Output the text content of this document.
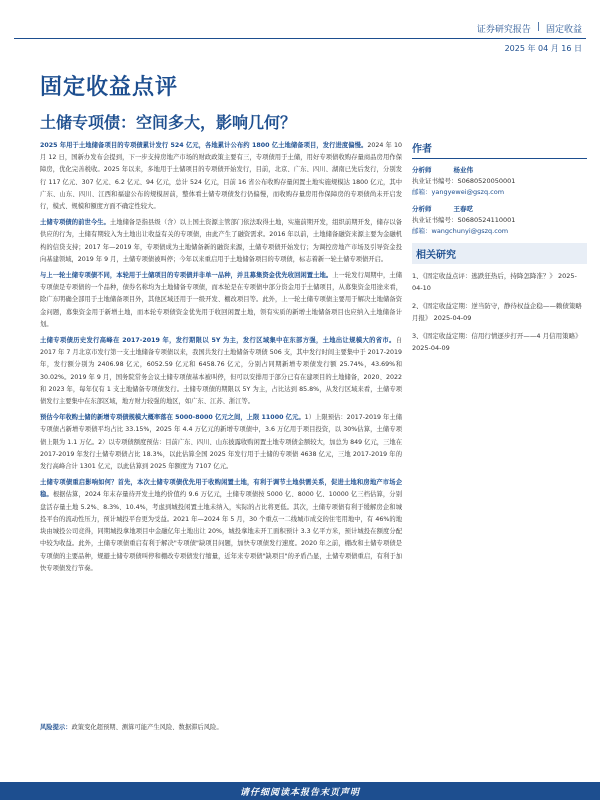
证券研究报告 | 固定收益
2025 年 04 月 16 日
固定收益点评
土储专项债：空间多大，影响几何？

2025 年用于土地储备项目的专项债累计发行 524 亿元，各地累计公布约 1800 亿土地储备项目，发行进度偏慢。2024 年 10 月 12 日，国新办发布会提到，下一步支持房地产市场的财政政策主要有三，专项债用于土储，用好专项债收购存量商品房用作保障房，优化完善税收。2025 年以来，多地用于土储项目的专项债开始发行，目前，北京、广东、四川、湖南已先后发行，分别发行 117 亿元、307 亿元、6.2 亿元、94 亿元，总计 524 亿元，目前 16 省公布收购存量闲置土地实施规模达 1800 亿元，其中广东、山东、四川、江西和福建公布的规模居前，整体看土储专项债发行仍偏慢，而收购存量房用作保障房的专项债尚未开启发行，模式、规模和額度方面不确定性较大。

土储专项债的前世今生。土地储备是指县级（含）以上国土资源主管部门依法取得土地，实施前期开发，组织前期开发，储存以备供应的行为，土储有期较入为土地出让收益有关的专项债，由此产生了融资需求。2016 年以前，土地储备融资来源主要为金融机构的信贷支持；2017 年—2019 年，专项债成为土地储备新的融资来源，土储专项债开始发行；为调控房地产市场及引导资金投向基建领域，2019 年 9 月，土储专项债被叫停；今年以来重启用于土地储备项目的专项债，标志着新一轮土储专项债开启。

与上一轮土储专项债不同，本轮用于土储项目的专项债并非单一品种，并且募集资金优先收回闲置土地。上一轮发行周期中，土储专项债是专项债的一个品种，债券名称均为土地储备专项债，而本轮是在专项债中部分资金用于土储项目，从募集资金用途来看，除广东明确全部用于土地储备项目外，其他区域还用于一级开发、棚改项目等。此外，上一轮土储专项债主要用于解决土地储备资金问题，募集资金用于新增土地，而本轮专项债资金优先用于收回闲置土地，领有实质的新增土地储备项目也应纳入土地储备计划。

土储专项债历史发行高峰在 2017-2019 年，发行期限以 5Y 为主，发行区域集中在东部方强，土地出让规模大的省市。自 2017 年 7 月北京市发行第一支土地储备专项债以来，我国共发行土地储备专项债 506 支，其中发行时间主要集中于 2017-2019 年，发行额分别为 2406.98 亿元，6052.59 亿元和 6458.76 亿元，分别占同期新增专项债发行额 25.74%，43.69%和 30.02%。2019 年 9 月，国务院常务会议土储专项债基本被叫停，但可以安排用于部分已有在建项目的土地储备，2020、2022 和 2023 年，每年仅有 1 支土地储备专项债发行。土储专项债的期限以 5Y 为主，占比达到 85.8%，从发行区域来看，土储专项债发行主要集中在东部区域，地方财力较强的地区，如广东、江苏、浙江等。

预估今年收购土储的新增专项债规模大概率落在 5000-8000 亿元之间，上限 11000 亿元。1）上限预估：2017-2019 年土储专项债占新增专项债平均占比 33.15%，2025 年 4.4 万亿元的新增专项债中，3.6 万亿用于项目投资，以 30%估算，土储专项债上限为 1.1 万亿。2）以专项债额度预估：目前广东、四川、山东披露收购闲置土地专项债金额较大，加总为 849 亿元，三地在 2017-2019 年发行土储专项债占比 18.3%，以此估算全国 2025 年发行用于土储的专项债 4638 亿元，三地 2017-2019 年的发行高峰合计 1301 亿元，以此估算到 2025 年额度为 7107 亿元。

土储专项债重启影响如何？首先，本次土储专项债优先用于收购闲置土地，有利于调节土地供需关系，促进土地和房地产市场企稳。根据估算，2024 年末存量待开发土地约价值约 9.6 万亿元，土储专项债按 5000 亿、8000 亿、10000 亿三档估算，分别盘活存量土地 5.2%、8.3%、10.4%，考虑到城投闲置土地未纳入，实际的占比将更低。其次，土储专项债有利于缓解房企和城投平台的流动性压力，预计城投平台更为受益。2021 年—2024 年 5 月，30 个重点一二线城市成交的住宅用地中，有 46%的地块由城投公司竞得，同期城投拿地项目中金融亿年土地出让 20%，城投拿地未开工面积预计 3.3 亿平方米，预计城投在额度分配中较为收益。此外，土储专项债重启有利于解决"专项债"缺项目问题，加快专项债发行速度。2020 年之前，棚改和土储专项债是专项债的主要品种，规避土储专项债叫停和棚改专项债发行缩量，近年来专项债"缺项目"的矛盾凸显，土储专项债重启，有利于加快专项债发行节奏。

风险提示：政策变化超预期、测算可能产生风险、数据滞后风险。
作者
分析师	杨业伟
执业证书编号：S0680520050001
邮箱：yangyewei@gszq.com
分析师	王春呓
执业证书编号：S0680524110001
邮箱：wangchunyi@gszq.com
相关研究
1、《固定收益点评：逃跌狂热后，持降怎降准？》 2025-04-10
2、《固定收益定期：逆当防守，静待权益企稳——赖债策略月报》 2025-04-09
3、《固定收益定期：信用行情逐步打开——4 月信用策略》 2025-04-09
请仔细阅读本报告末页声明
